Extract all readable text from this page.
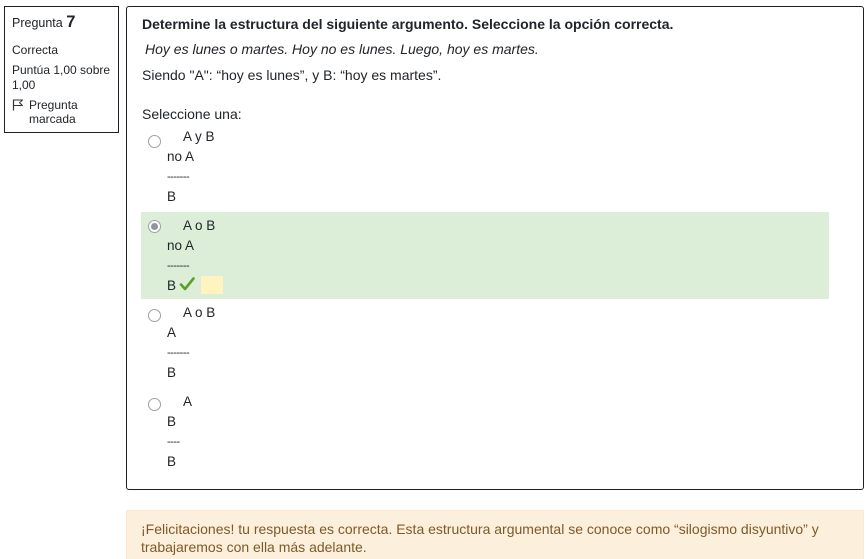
Pregunta 7
Correcta
Puntúa 1,00 sobre 1,00
Pregunta marcada
Determine la estructura del siguiente argumento. Seleccione la opción correcta.
Hoy es lunes o martes. Hoy no es lunes. Luego, hoy es martes.
Siendo "A": “hoy es lunes”, y B: “hoy es martes”.
Seleccione una:
A y B
no A
-------
B
A o B
no A
-------
B
A o B
A
-------
B
A
B
----
B
¡Felicitaciones! tu respuesta es correcta. Esta estructura argumental se conoce como “silogismo disyuntivo” y trabajaremos con ella más adelante.
